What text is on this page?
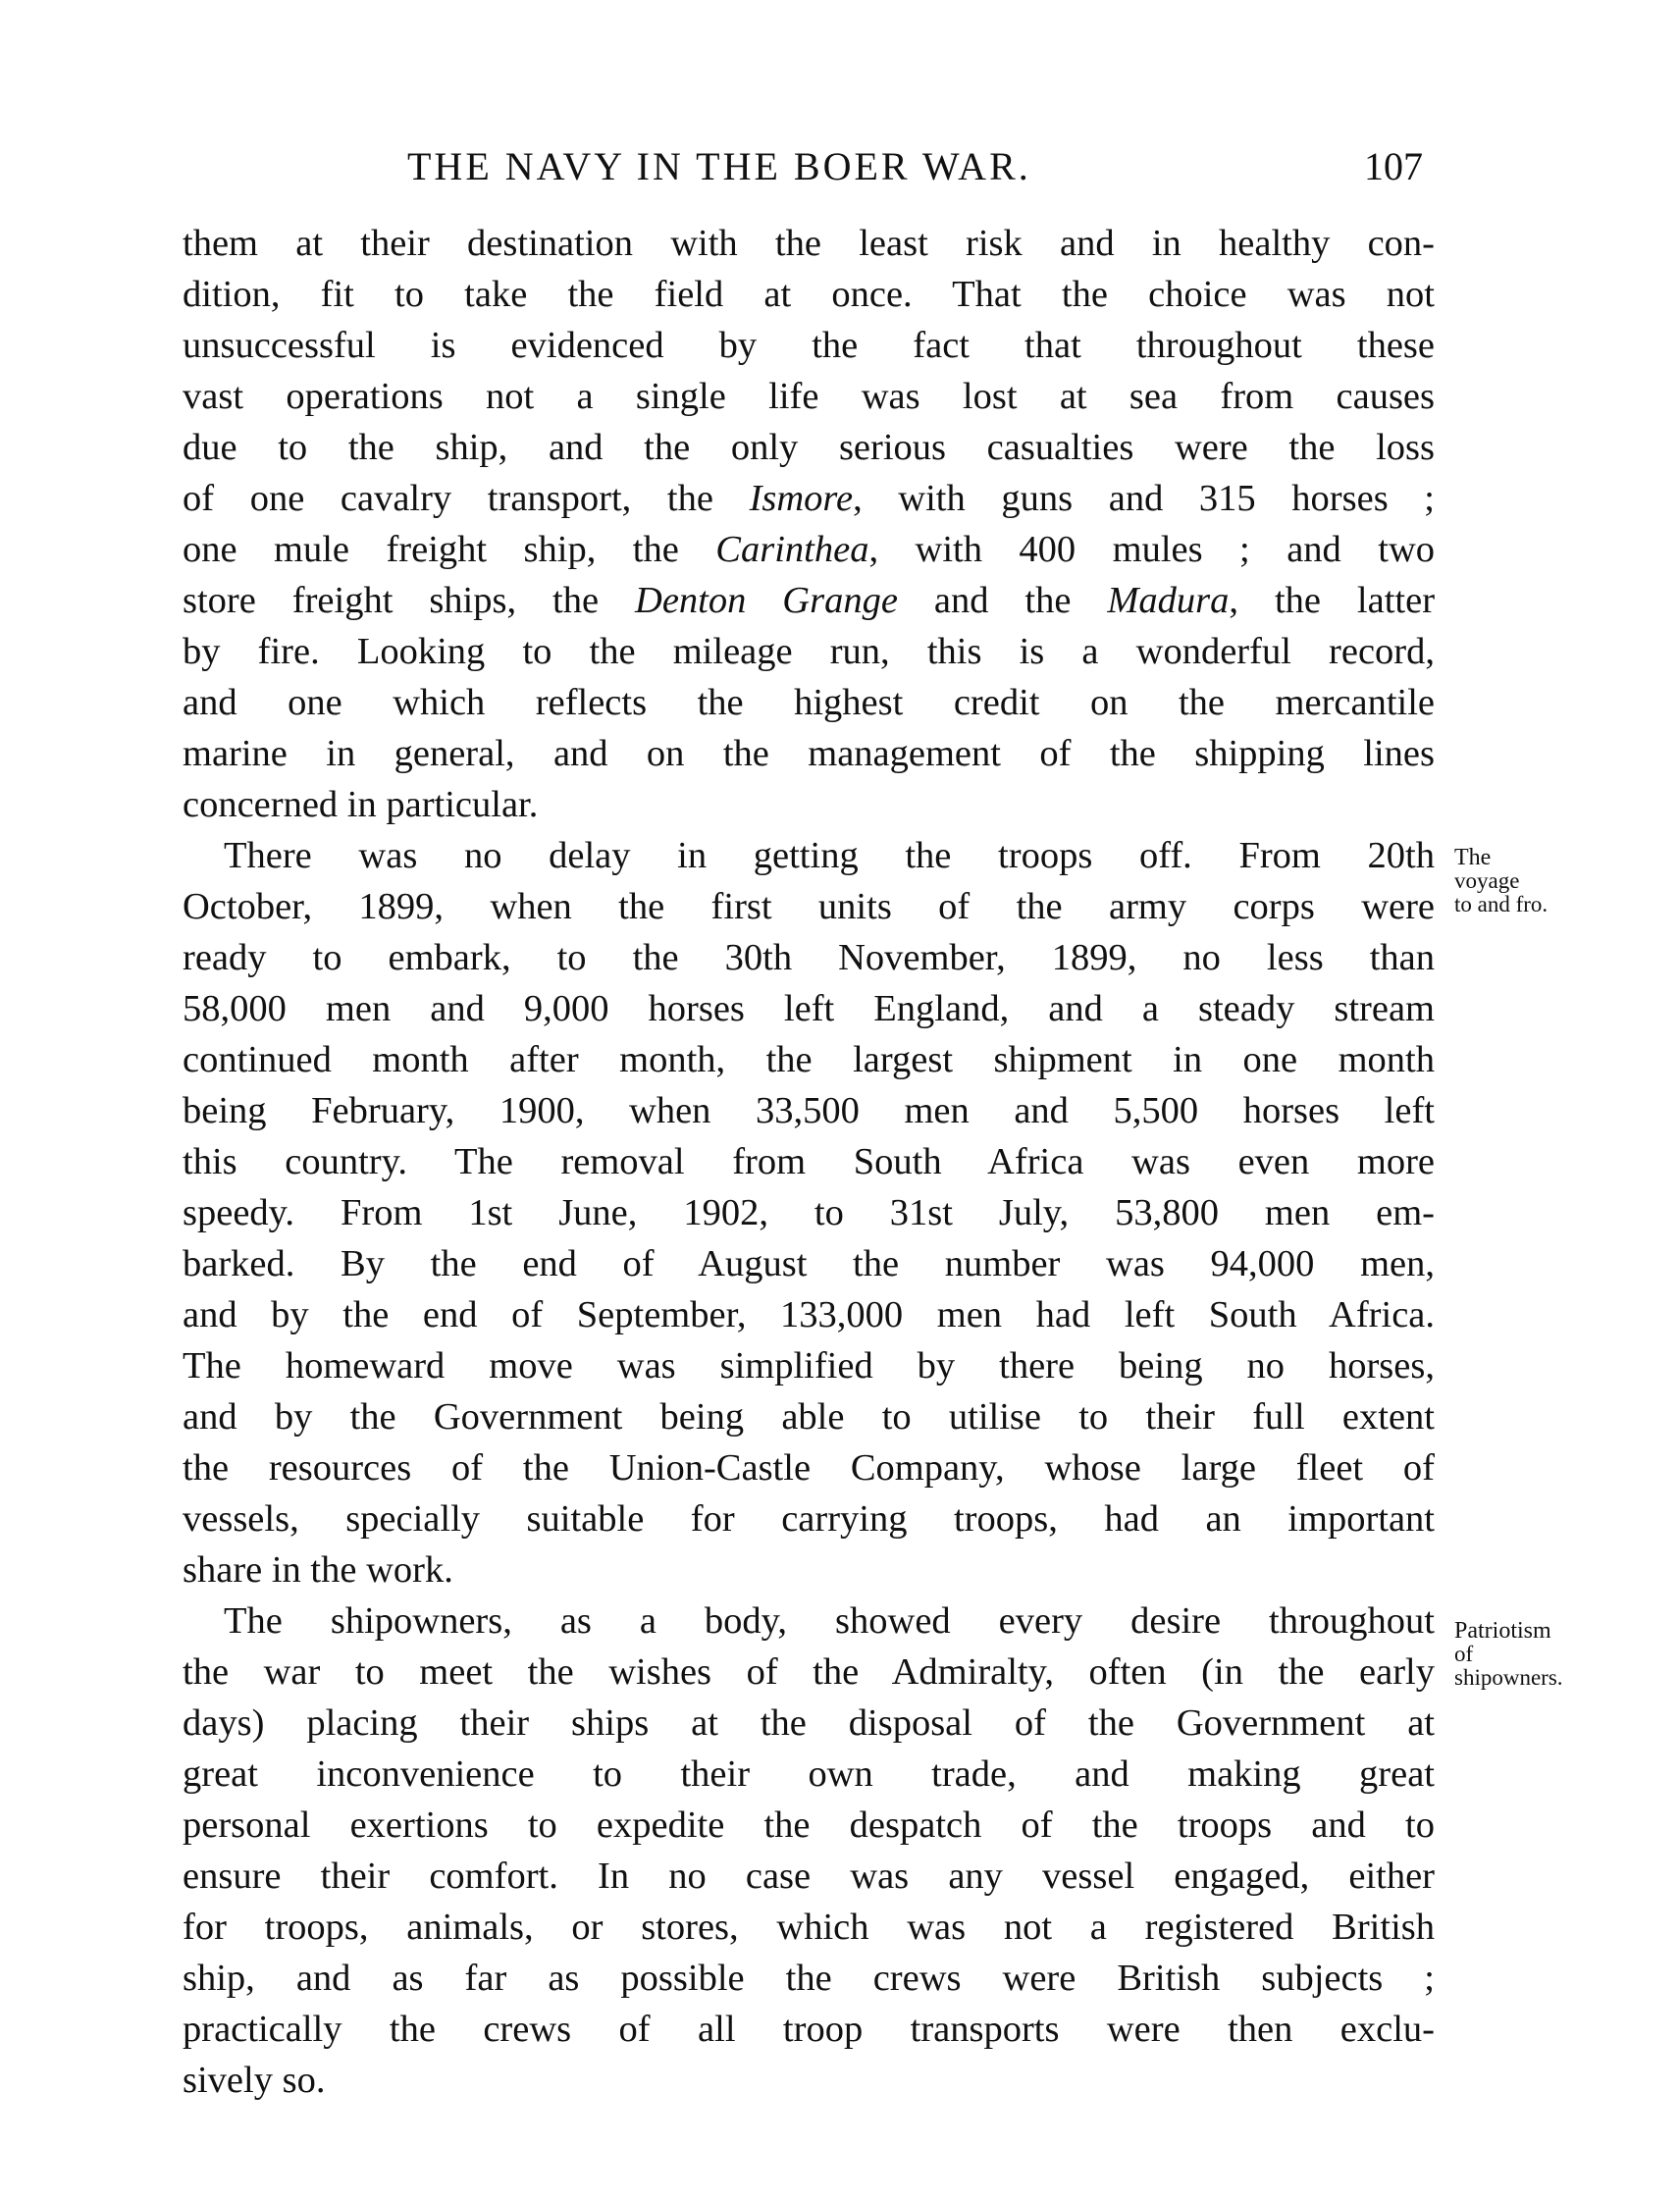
THE NAVY IN THE BOER WAR.	107
them at their destination with the least risk and in healthy con-
dition, fit to take the field at once. That the choice was not
unsuccessful is evidenced by the fact that throughout these
vast operations not a single life was lost at sea from causes
due to the ship, and the only serious casualties were the loss
of one cavalry transport, the Ismore, with guns and 315 horses ;
one mule freight ship, the Carinthea, with 400 mules ; and two
store freight ships, the Denton Grange and the Madura, the latter
by fire. Looking to the mileage run, this is a wonderful record,
and one which reflects the highest credit on the mercantile
marine in general, and on the management of the shipping lines
concerned in particular.
There was no delay in getting the troops off. From 20th
October, 1899, when the first units of the army corps were
ready to embark, to the 30th November, 1899, no less than
58,000 men and 9,000 horses left England, and a steady stream
continued month after month, the largest shipment in one month
being February, 1900, when 33,500 men and 5,500 horses left
this country. The removal from South Africa was even more
speedy. From 1st June, 1902, to 31st July, 53,800 men em-
barked. By the end of August the number was 94,000 men,
and by the end of September, 133,000 men had left South Africa.
The homeward move was simplified by there being no horses,
and by the Government being able to utilise to their full extent
the resources of the Union-Castle Company, whose large fleet of
vessels, specially suitable for carrying troops, had an important
share in the work.
The shipowners, as a body, showed every desire throughout
the war to meet the wishes of the Admiralty, often (in the early
days) placing their ships at the disposal of the Government at
great inconvenience to their own trade, and making great
personal exertions to expedite the despatch of the troops and to
ensure their comfort. In no case was any vessel engaged, either
for troops, animals, or stores, which was not a registered British
ship, and as far as possible the crews were British subjects ;
practically the crews of all troop transports were then exclu-
sively so.
The
voyage
to and fro.
Patriotism
of
shipowners.
